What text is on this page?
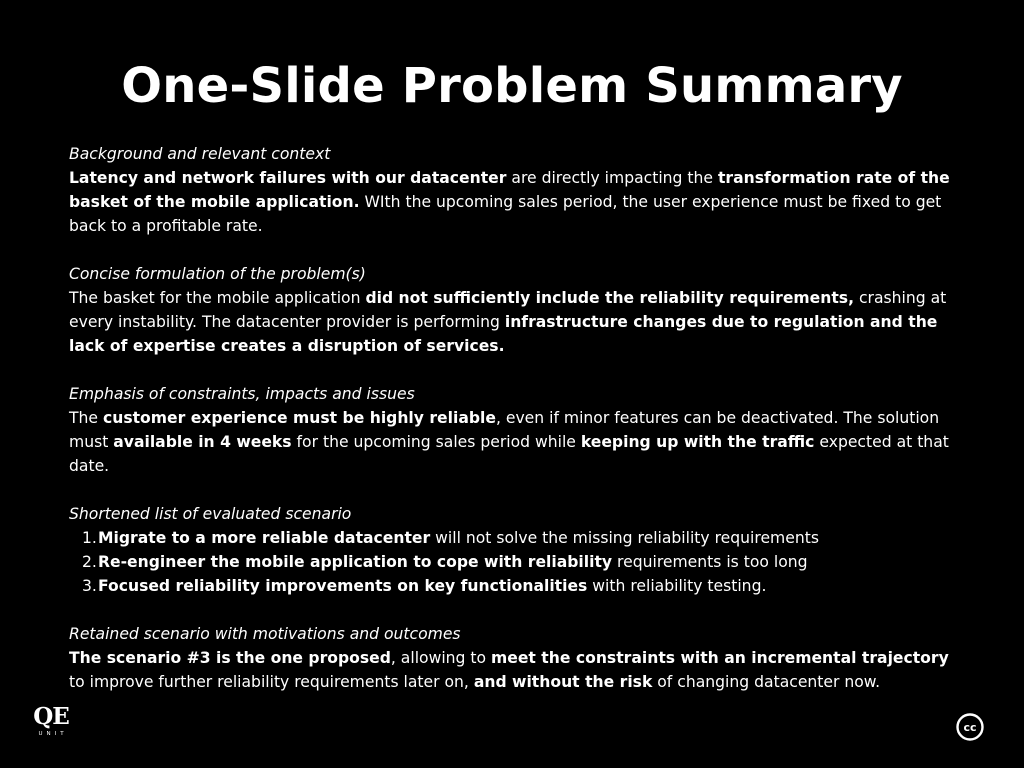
One-Slide Problem Summary
Background and relevant context
Latency and network failures with our datacenter are directly impacting the transformation rate of the basket of the mobile application. WIth the upcoming sales period, the user experience must be fixed to get back to a profitable rate.
Concise formulation of the problem(s)
The basket for the mobile application did not sufficiently include the reliability requirements, crashing at every instability. The datacenter provider is performing infrastructure changes due to regulation and the lack of expertise creates a disruption of services.
Emphasis of constraints, impacts and issues
The customer experience must be highly reliable, even if minor features can be deactivated. The solution must available in 4 weeks for the upcoming sales period while keeping up with the traffic expected at that date.
Shortened list of evaluated scenario
1.Migrate to a more reliable datacenter will not solve the missing reliability requirements
2.Re-engineer the mobile application to cope with reliability requirements is too long
3.Focused reliability improvements on key functionalities with reliability testing.
Retained scenario with motivations and outcomes
The scenario #3 is the one proposed, allowing to meet the constraints with an incremental trajectory to improve further reliability requirements later on, and without the risk of changing datacenter now.
QE
UNIT	cc
